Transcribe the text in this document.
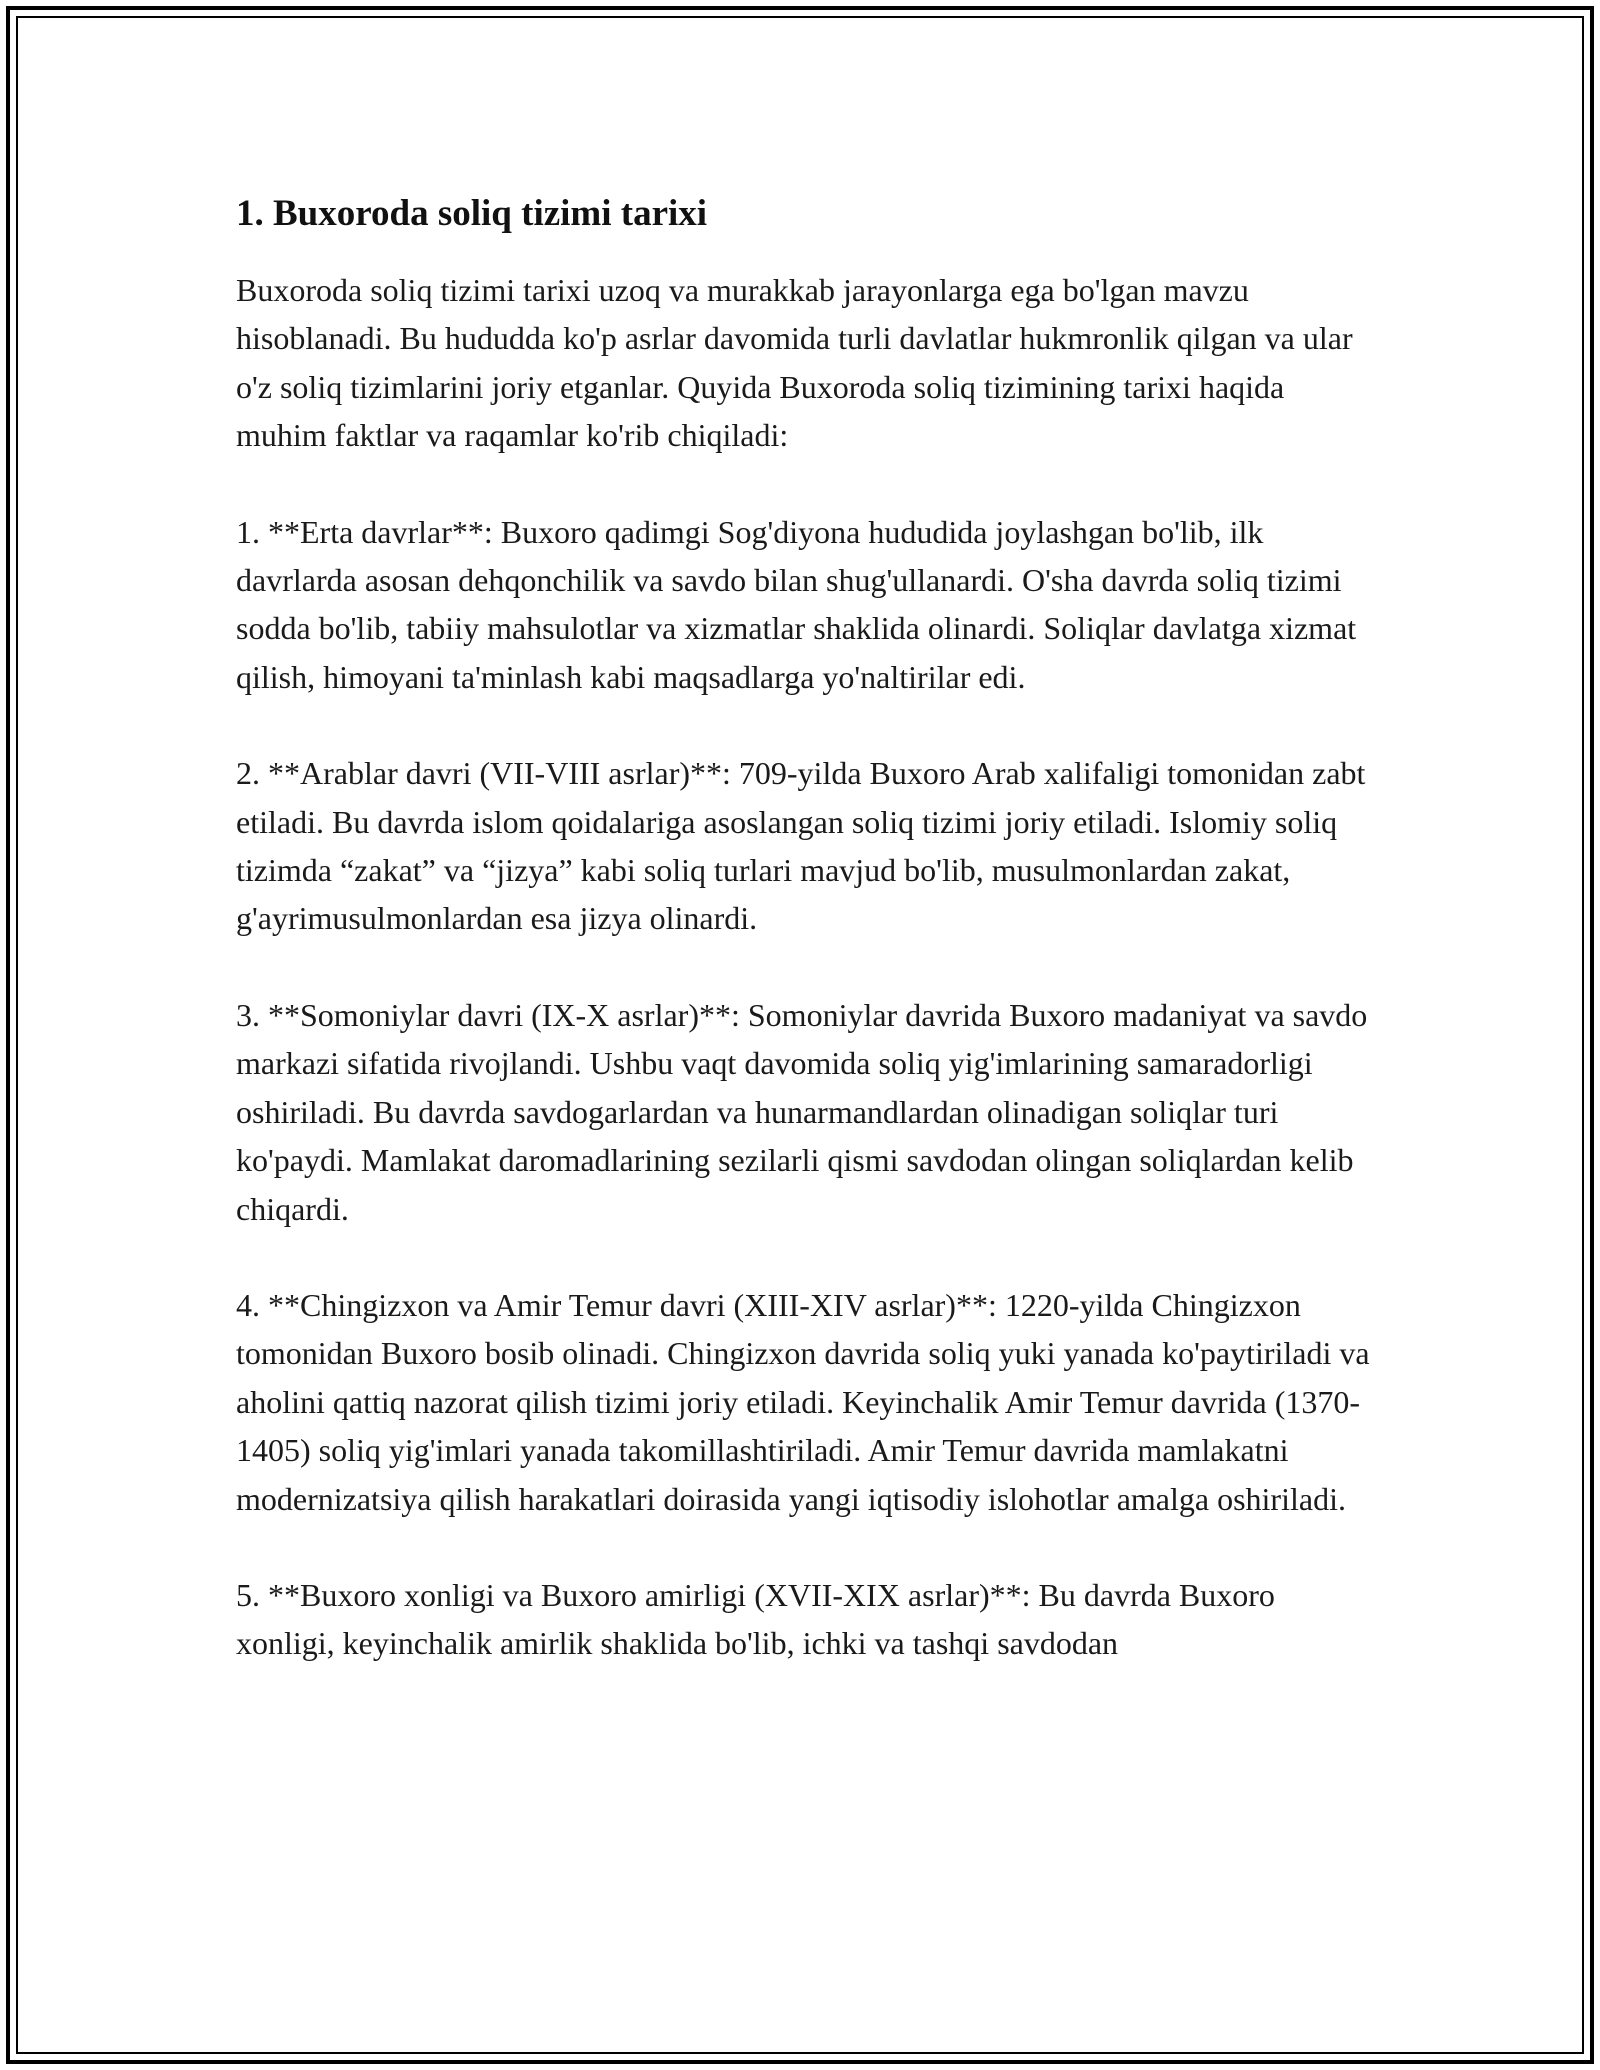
1. Buxoroda soliq tizimi tarixi

Buxoroda soliq tizimi tarixi uzoq va murakkab jarayonlarga ega bo'lgan mavzu hisoblanadi. Bu hududda ko'p asrlar davomida turli davlatlar hukmronlik qilgan va ular o'z soliq tizimlarini joriy etganlar. Quyida Buxoroda soliq tizimining tarixi haqida muhim faktlar va raqamlar ko'rib chiqiladi:

1. **Erta davrlar**: Buxoro qadimgi Sog'diyona hududida joylashgan bo'lib, ilk davrlarda asosan dehqonchilik va savdo bilan shug'ullanardi. O'sha davrda soliq tizimi sodda bo'lib, tabiiy mahsulotlar va xizmatlar shaklida olinardi. Soliqlar davlatga xizmat qilish, himoyani ta'minlash kabi maqsadlarga yo'naltirilar edi.

2. **Arablar davri (VII-VIII asrlar)**: 709-yilda Buxoro Arab xalifaligi tomonidan zabt etiladi. Bu davrda islom qoidalariga asoslangan soliq tizimi joriy etiladi. Islomiy soliq tizimda “zakat” va “jizya” kabi soliq turlari mavjud bo'lib, musulmonlardan zakat, g'ayrimusulmonlardan esa jizya olinardi.

3. **Somoniylar davri (IX-X asrlar)**: Somoniylar davrida Buxoro madaniyat va savdo markazi sifatida rivojlandi. Ushbu vaqt davomida soliq yig'imlarining samaradorligi oshiriladi. Bu davrda savdogarlardan va hunarmandlardan olinadigan soliqlar turi ko'paydi. Mamlakat daromadlarining sezilarli qismi savdodan olingan soliqlardan kelib chiqardi.

4. **Chingizxon va Amir Temur davri (XIII-XIV asrlar)**: 1220-yilda Chingizxon tomonidan Buxoro bosib olinadi. Chingizxon davrida soliq yuki yanada ko'paytiriladi va aholini qattiq nazorat qilish tizimi joriy etiladi. Keyinchalik Amir Temur davrida (1370-1405) soliq yig'imlari yanada takomillashtiriladi. Amir Temur davrida mamlakatni modernizatsiya qilish harakatlari doirasida yangi iqtisodiy islohotlar amalga oshiriladi.

5. **Buxoro xonligi va Buxoro amirligi (XVII-XIX asrlar)**: Bu davrda Buxoro xonligi, keyinchalik amirlik shaklida bo'lib, ichki va tashqi savdodan
